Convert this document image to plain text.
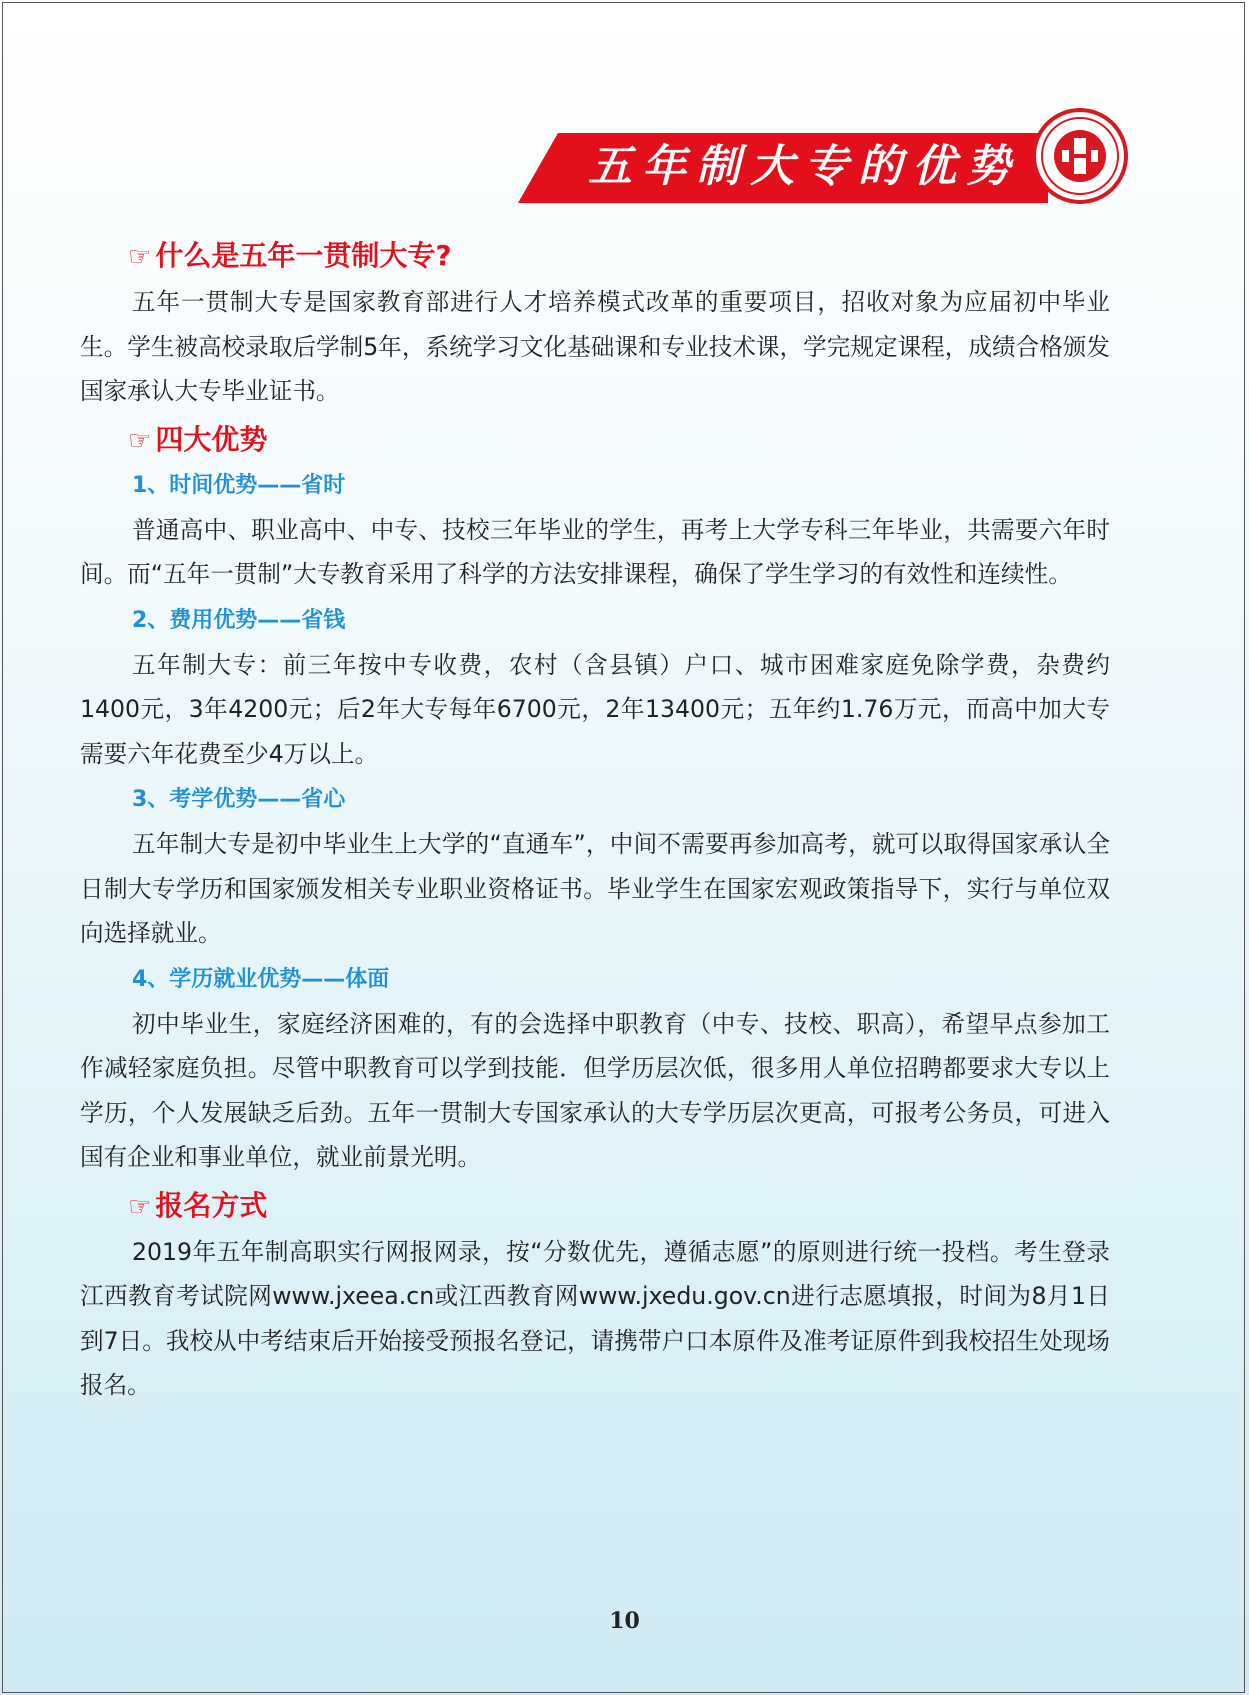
五年制大专的优势
☞ 什么是五年一贯制大专?

五年一贯制大专是国家教育部进行人才培养模式改革的重要项目，招收对象为应届初中毕业生。学生被高校录取后学制5年，系统学习文化基础课和专业技术课，学完规定课程，成绩合格颁发国家承认大专毕业证书。

☞ 四大优势
1、时间优势——省时

普通高中、职业高中、中专、技校三年毕业的学生，再考上大学专科三年毕业，共需要六年时间。而“五年一贯制”大专教育采用了科学的方法安排课程，确保了学生学习的有效性和连续性。

2、费用优势——省钱

五年制大专：前三年按中专收费，农村（含县镇）户口、城市困难家庭免除学费，杂费约1400元，3年4200元；后2年大专每年6700元，2年13400元；五年约1.76万元，而高中加大专需要六年花费至少4万以上。

3、考学优势——省心

五年制大专是初中毕业生上大学的“直通车”，中间不需要再参加高考，就可以取得国家承认全日制大专学历和国家颁发相关专业职业资格证书。毕业学生在国家宏观政策指导下，实行与单位双向选择就业。

4、学历就业优势——体面

初中毕业生，家庭经济困难的，有的会选择中职教育（中专、技校、职高），希望早点参加工作减轻家庭负担。尽管中职教育可以学到技能．但学历层次低，很多用人单位招聘都要求大专以上学历，个人发展缺乏后劲。五年一贯制大专国家承认的大专学历层次更高，可报考公务员，可进入国有企业和事业单位，就业前景光明。

☞ 报名方式

2019年五年制高职实行网报网录，按“分数优先，遵循志愿”的原则进行统一投档。考生登录江西教育考试院网www.jxeea.cn或江西教育网www.jxedu.gov.cn进行志愿填报，时间为8月1日到7日。我校从中考结束后开始接受预报名登记，请携带户口本原件及准考证原件到我校招生处现场报名。

10
